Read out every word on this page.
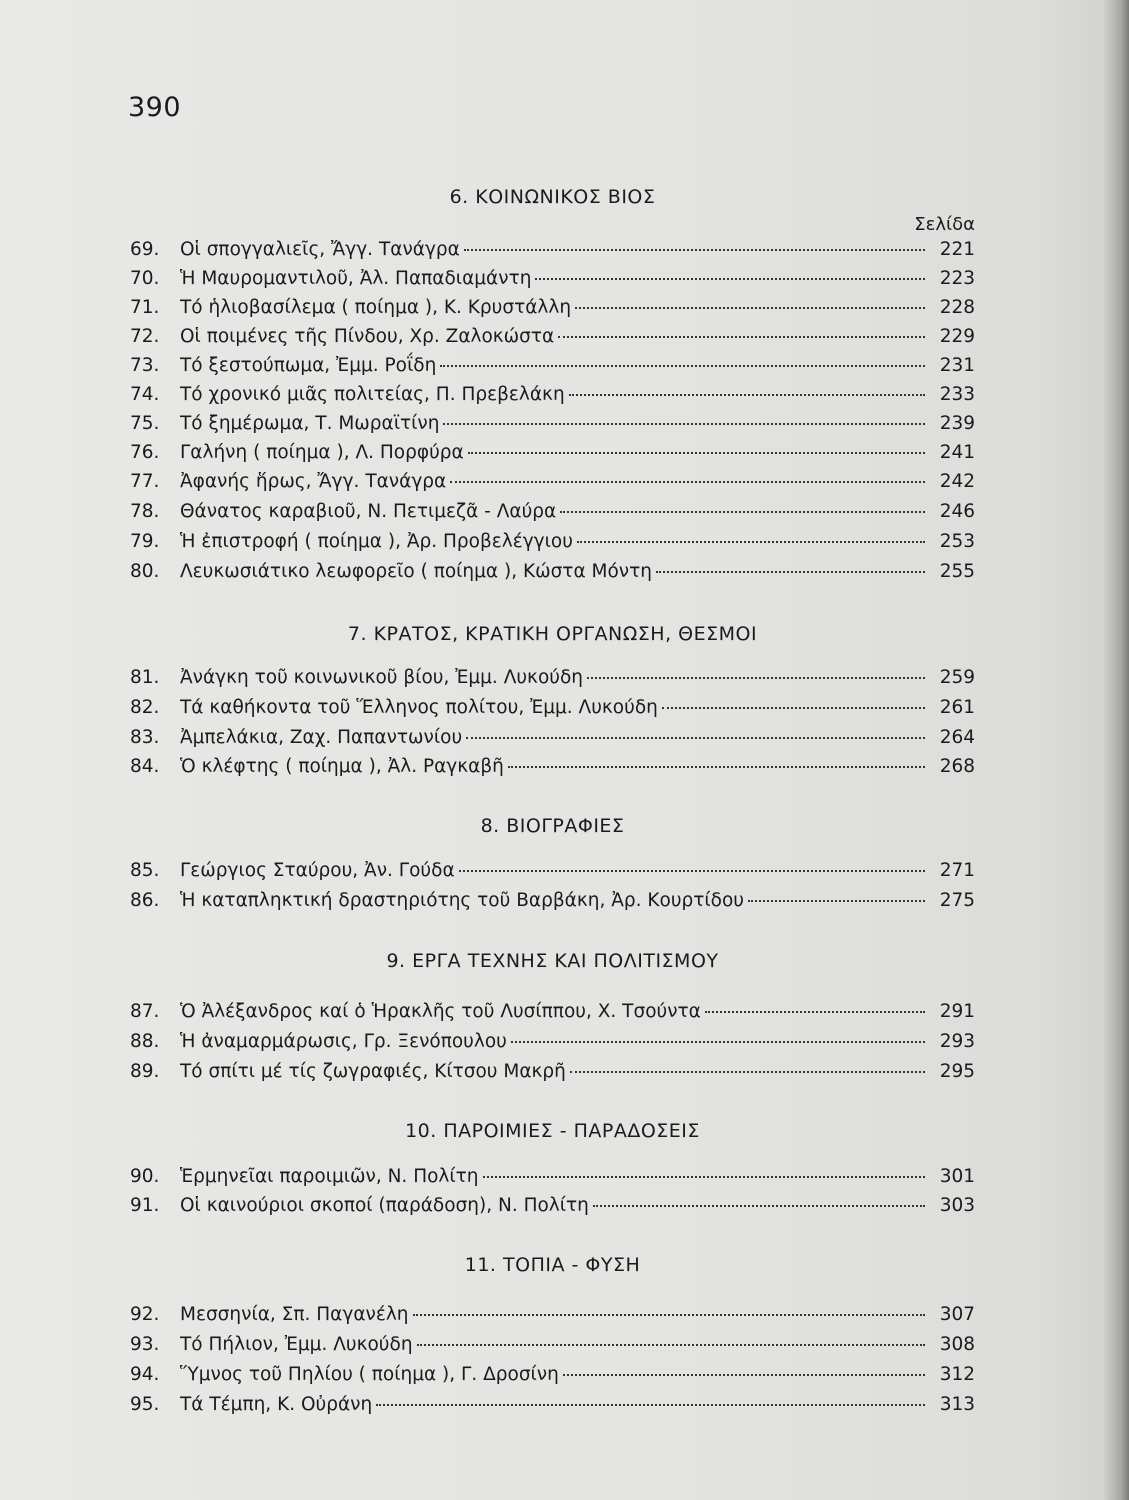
390
6. ΚΟΙΝΩΝΙΚΟΣ ΒΙΟΣ
Σελίδα
69.	Οἱ σπογγαλιεῖς, Ἄγγ. Τανάγρα	221
70.	Ἡ Μαυρομαντιλοῦ, Ἀλ. Παπαδιαμάντη	223
71.	Τό ἡλιοβασίλεμα ( ποίημα ), Κ. Κρυστάλλη	228
72.	Οἱ ποιμένες τῆς Πίνδου, Χρ. Ζαλοκώστα	229
73.	Τό ξεστούπωμα, Ἐμμ. Ροΐδη	231
74.	Τό χρονικό μιᾶς πολιτείας, Π. Πρεβελάκη	233
75.	Τό ξημέρωμα, Τ. Μωραϊτίνη	239
76.	Γαλήνη ( ποίημα ), Λ. Πορφύρα	241
77.	Ἀφανής ἥρως, Ἄγγ. Τανάγρα	242
78.	Θάνατος καραβιοῦ, Ν. Πετιμεζᾶ - Λαύρα	246
79.	Ἡ ἐπιστροφή ( ποίημα ), Ἀρ. Προβελέγγιου	253
80.	Λευκωσιάτικο λεωφορεῖο ( ποίημα ), Κώστα Μόντη	255
7. ΚΡΑΤΟΣ, ΚΡΑΤΙΚΗ ΟΡΓΑΝΩΣΗ, ΘΕΣΜΟΙ
81.	Ἀνάγκη τοῦ κοινωνικοῦ βίου, Ἐμμ. Λυκούδη	259
82.	Τά καθήκοντα τοῦ Ἕλληνος πολίτου, Ἐμμ. Λυκούδη	261
83.	Ἀμπελάκια, Ζαχ. Παπαντωνίου	264
84.	Ὁ κλέφτης ( ποίημα ), Ἀλ. Ραγκαβῆ	268
8. ΒΙΟΓΡΑΦΙΕΣ
85.	Γεώργιος Σταύρου, Ἀν. Γούδα	271
86.	Ἡ καταπληκτική δραστηριότης τοῦ Βαρβάκη, Ἀρ. Κουρτίδου	275
9. ΕΡΓΑ ΤΕΧΝΗΣ ΚΑΙ ΠΟΛΙΤΙΣΜΟΥ
87.	Ὁ Ἀλέξανδρος καί ὁ Ἡρακλῆς τοῦ Λυσίππου, Χ. Τσούντα	291
88.	Ἡ ἀναμαρμάρωσις, Γρ. Ξενόπουλου	293
89.	Τό σπίτι μέ τίς ζωγραφιές, Κίτσου Μακρῆ	295
10. ΠΑΡΟΙΜΙΕΣ - ΠΑΡΑΔΟΣΕΙΣ
90.	Ἑρμηνεῖαι παροιμιῶν, Ν. Πολίτη	301
91.	Οἱ καινούριοι σκοποί (παράδοση), Ν. Πολίτη	303
11. ΤΟΠΙΑ - ΦΥΣΗ
92.	Μεσσηνία, Σπ. Παγανέλη	307
93.	Τό Πήλιον, Ἐμμ. Λυκούδη	308
94.	Ὕμνος τοῦ Πηλίου ( ποίημα ), Γ. Δροσίνη	312
95.	Τά Τέμπη, Κ. Οὐράνη	313
